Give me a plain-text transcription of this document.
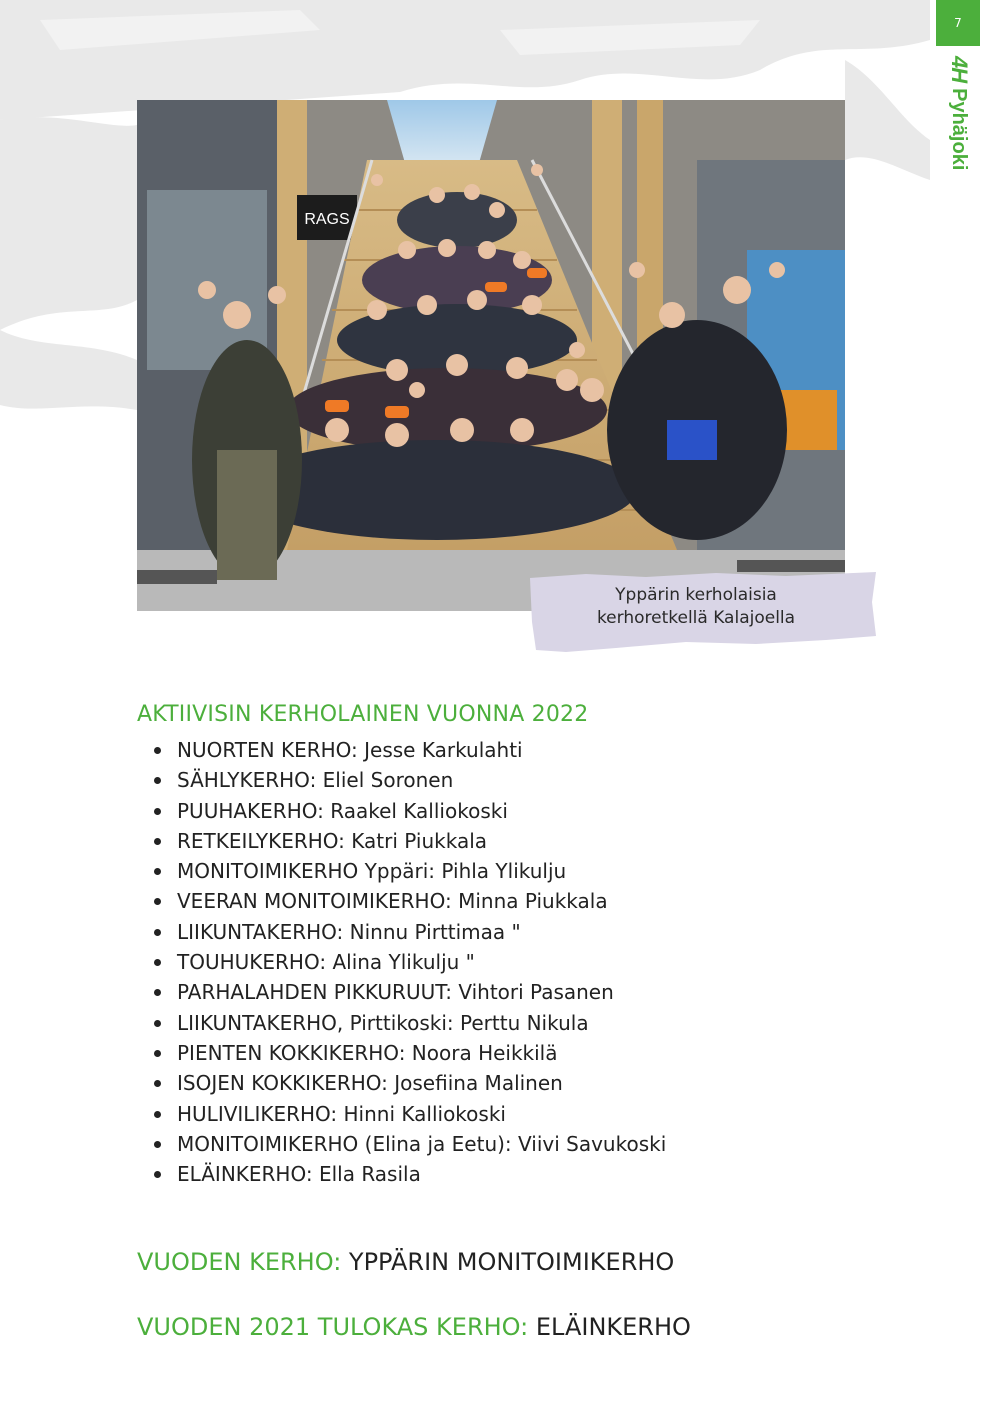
7
4H
Pyhäjoki
RAGS
Yppärin kerholaisia
kerhoretkellä Kalajoella
AKTIIVISIN KERHOLAINEN VUONNA 2022
NUORTEN KERHO: Jesse Karkulahti
SÄHLYKERHO: Eliel Soronen
PUUHAKERHO: Raakel Kalliokoski
RETKEILYKERHO: Katri Piukkala
MONITOIMIKERHO Yppäri: Pihla Ylikulju
VEERAN MONITOIMIKERHO: Minna Piukkala
LIIKUNTAKERHO: Ninnu Pirttimaa "
TOUHUKERHO: Alina Ylikulju "
PARHALAHDEN PIKKURUUT: Vihtori Pasanen
LIIKUNTAKERHO, Pirttikoski: Perttu Nikula
PIENTEN KOKKIKERHO: Noora Heikkilä
ISOJEN KOKKIKERHO: Josefiina Malinen
HULIVILIKERHO: Hinni Kalliokoski
MONITOIMIKERHO (Elina ja Eetu): Viivi Savukoski
ELÄINKERHO: Ella Rasila
VUODEN KERHO: YPPÄRIN MONITOIMIKERHO
VUODEN 2021 TULOKAS KERHO: ELÄINKERHO
